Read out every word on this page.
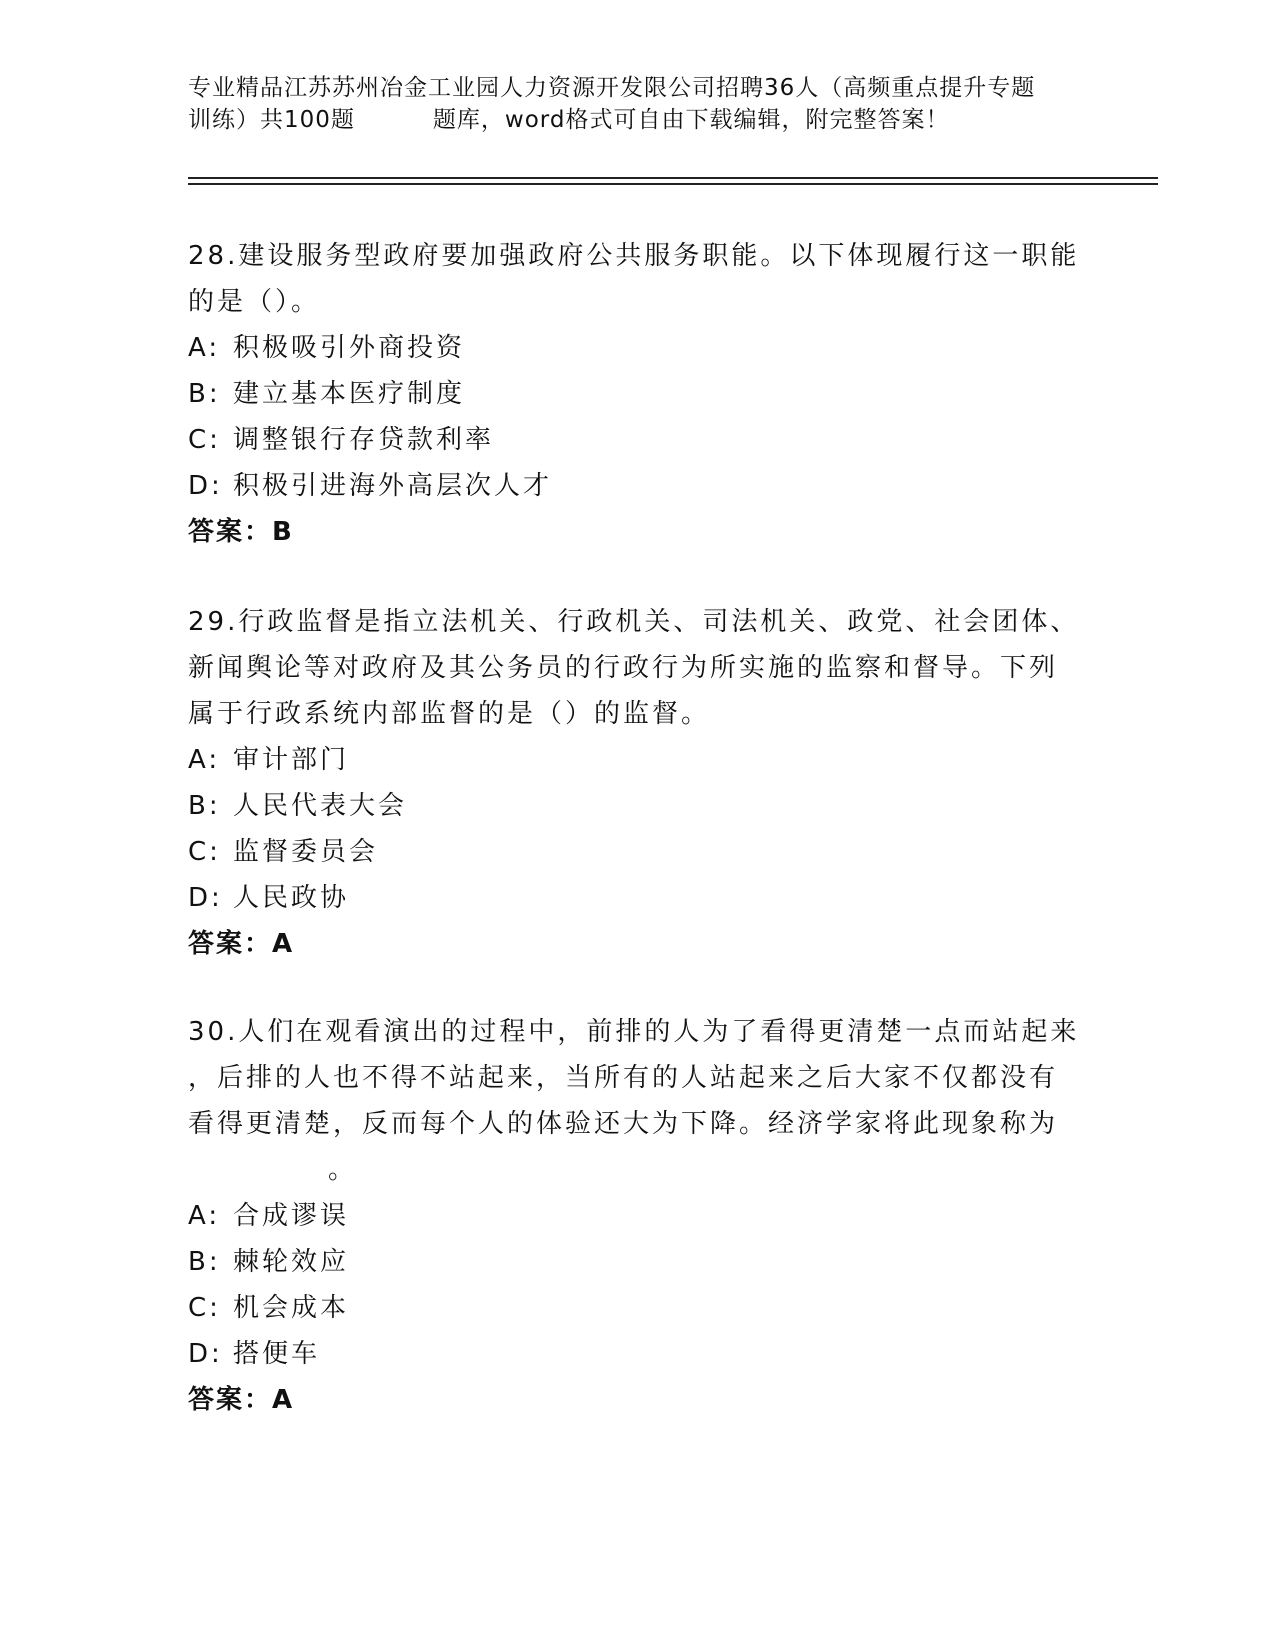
专业精品江苏苏州冶金工业园人力资源开发限公司招聘36人（高频重点提升专题
训练）共100题	题库，word格式可自由下载编辑，附完整答案！
28.建设服务型政府要加强政府公共服务职能。以下体现履行这一职能
的是（）。
A: 积极吸引外商投资
B: 建立基本医疗制度
C: 调整银行存贷款利率
D: 积极引进海外高层次人才
答案：B
29.行政监督是指立法机关、行政机关、司法机关、政党、社会团体、
新闻舆论等对政府及其公务员的行政行为所实施的监察和督导。下列
属于行政系统内部监督的是（）的监督。
A: 审计部门
B: 人民代表大会
C: 监督委员会
D: 人民政协
答案：A
30.人们在观看演出的过程中，前排的人为了看得更清楚一点而站起来
，后排的人也不得不站起来，当所有的人站起来之后大家不仅都没有
看得更清楚，反而每个人的体验还大为下降。经济学家将此现象称为
。
A: 合成谬误
B: 棘轮效应
C: 机会成本
D: 搭便车
答案：A
